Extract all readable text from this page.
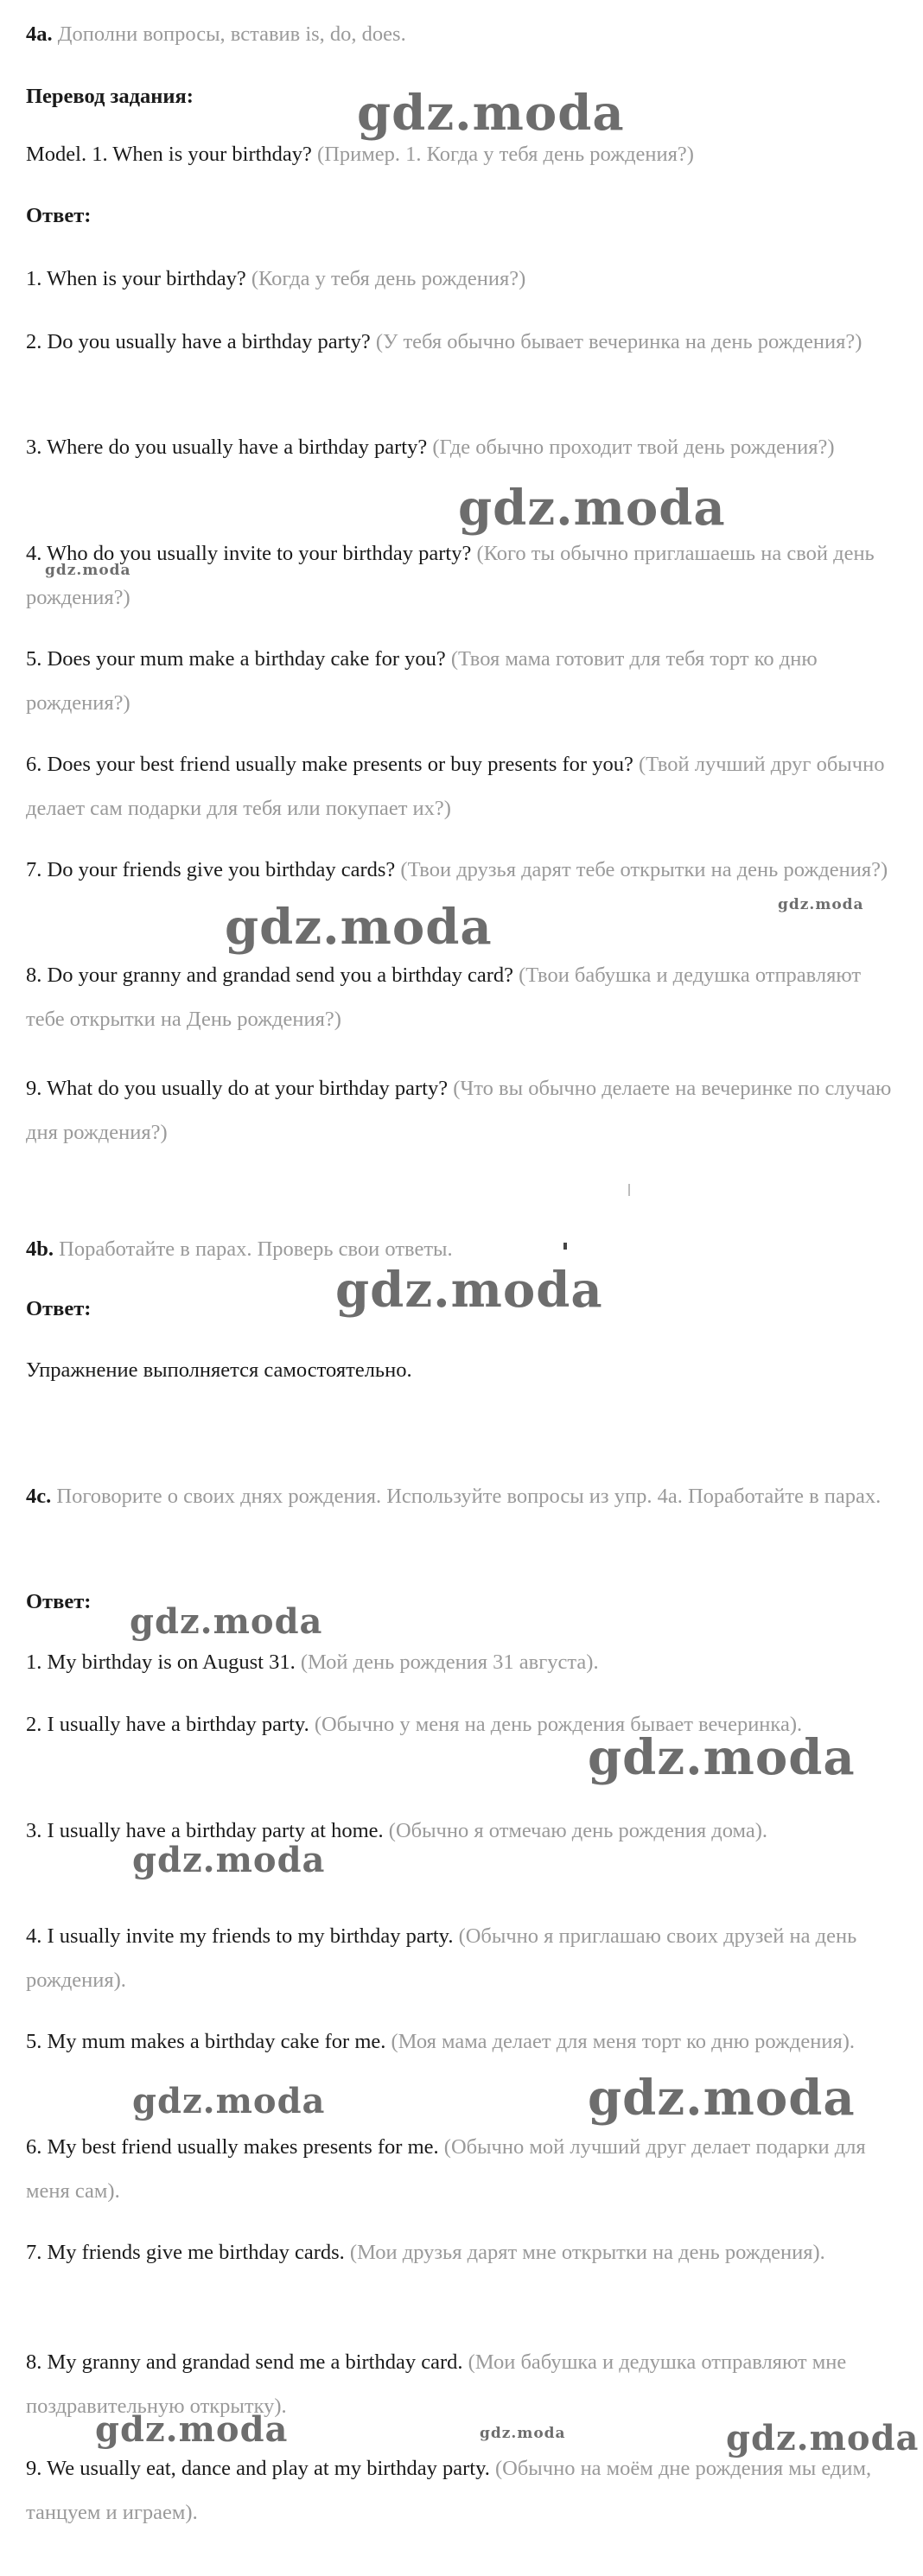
4a. Дополни вопросы, вставив is, do, does.

Перевод задания:

Model. 1. When is your birthday? (Пример. 1. Когда у тебя день рождения?)

Ответ:

1. When is your birthday? (Когда у тебя день рождения?)

2. Do you usually have a birthday party? (У тебя обычно бывает вечеринка на день рождения?)

3. Where do you usually have a birthday party? (Где обычно проходит твой день рождения?)

4. Who do you usually invite to your birthday party? (Кого ты обычно приглашаешь на свой день рождения?)

5. Does your mum make a birthday cake for you? (Твоя мама готовит для тебя торт ко дню рождения?)

6. Does your best friend usually make presents or buy presents for you? (Твой лучший друг обычно делает сам подарки для тебя или покупает их?)

7. Do your friends give you birthday cards? (Твои друзья дарят тебе открытки на день рождения?)

8. Do your granny and grandad send you a birthday card? (Твои бабушка и дедушка отправляют тебе открытки на День рождения?)

9. What do you usually do at your birthday party? (Что вы обычно делаете на вечеринке по случаю дня рождения?)

4b. Поработайте в парах. Проверь свои ответы.

Ответ:

Упражнение выполняется самостоятельно.

4c. Поговорите о своих днях рождения. Используйте вопросы из упр. 4а. Поработайте в парах.

Ответ:

1. My birthday is on August 31. (Мой день рождения 31 августа).

2. I usually have a birthday party. (Обычно у меня на день рождения бывает вечеринка).

3. I usually have a birthday party at home. (Обычно я отмечаю день рождения дома).

4. I usually invite my friends to my birthday party. (Обычно я приглашаю своих друзей на день рождения).

5. My mum makes a birthday cake for me. (Моя мама делает для меня торт ко дню рождения).

6. My best friend usually makes presents for me. (Обычно мой лучший друг делает подарки для меня сам).

7. My friends give me birthday cards. (Мои друзья дарят мне открытки на день рождения).

8. My granny and grandad send me a birthday card. (Мои бабушка и дедушка отправляют мне поздравительную открытку).

9. We usually eat, dance and play at my birthday party. (Обычно на моём дне рождения мы едим, танцуем и играем).

gdz.moda
gdz.moda
gdz.moda
gdz.moda
gdz.moda
gdz.moda
gdz.moda
gdz.moda
gdz.moda
gdz.moda	gdz.moda
gdz.moda	gdz.moda	gdz.moda
